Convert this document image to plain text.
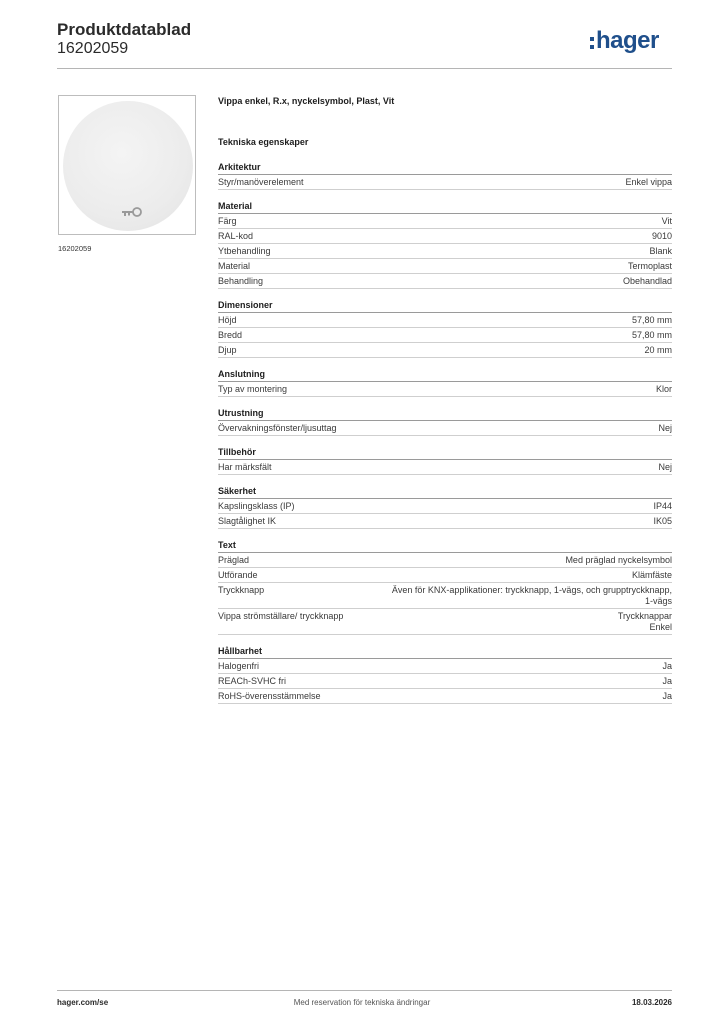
Produktdatablad
16202059	hager
16202059
Vippa enkel, R.x, nyckelsymbol, Plast, Vit
Tekniska egenskaper
Arkitektur
Styr/manöverelement	Enkel vippa
Material
Färg	Vit
RAL-kod	9010
Ytbehandling	Blank
Material	Termoplast
Behandling	Obehandlad
Dimensioner
Höjd	57,80 mm
Bredd	57,80 mm
Djup	20 mm
Anslutning
Typ av montering	Klor
Utrustning
Övervakningsfönster/ljusuttag	Nej
Tillbehör
Har märksfält	Nej
Säkerhet
Kapslingsklass (IP)	IP44
Slagtålighet IK	IK05
Text
Präglad	Med präglad nyckelsymbol
Utförande	Klämfäste
Tryckknapp	Även för KNX-applikationer: tryckknapp, 1-vägs, och grupptryckknapp,
1-vägs
Vippa strömställare/ tryckknapp	Tryckknappar
Enkel
Hållbarhet
Halogenfri	Ja
REACh-SVHC fri	Ja
RoHS-överensstämmelse	Ja
hager.com/se	Med reservation för tekniska ändringar	18.03.2026
